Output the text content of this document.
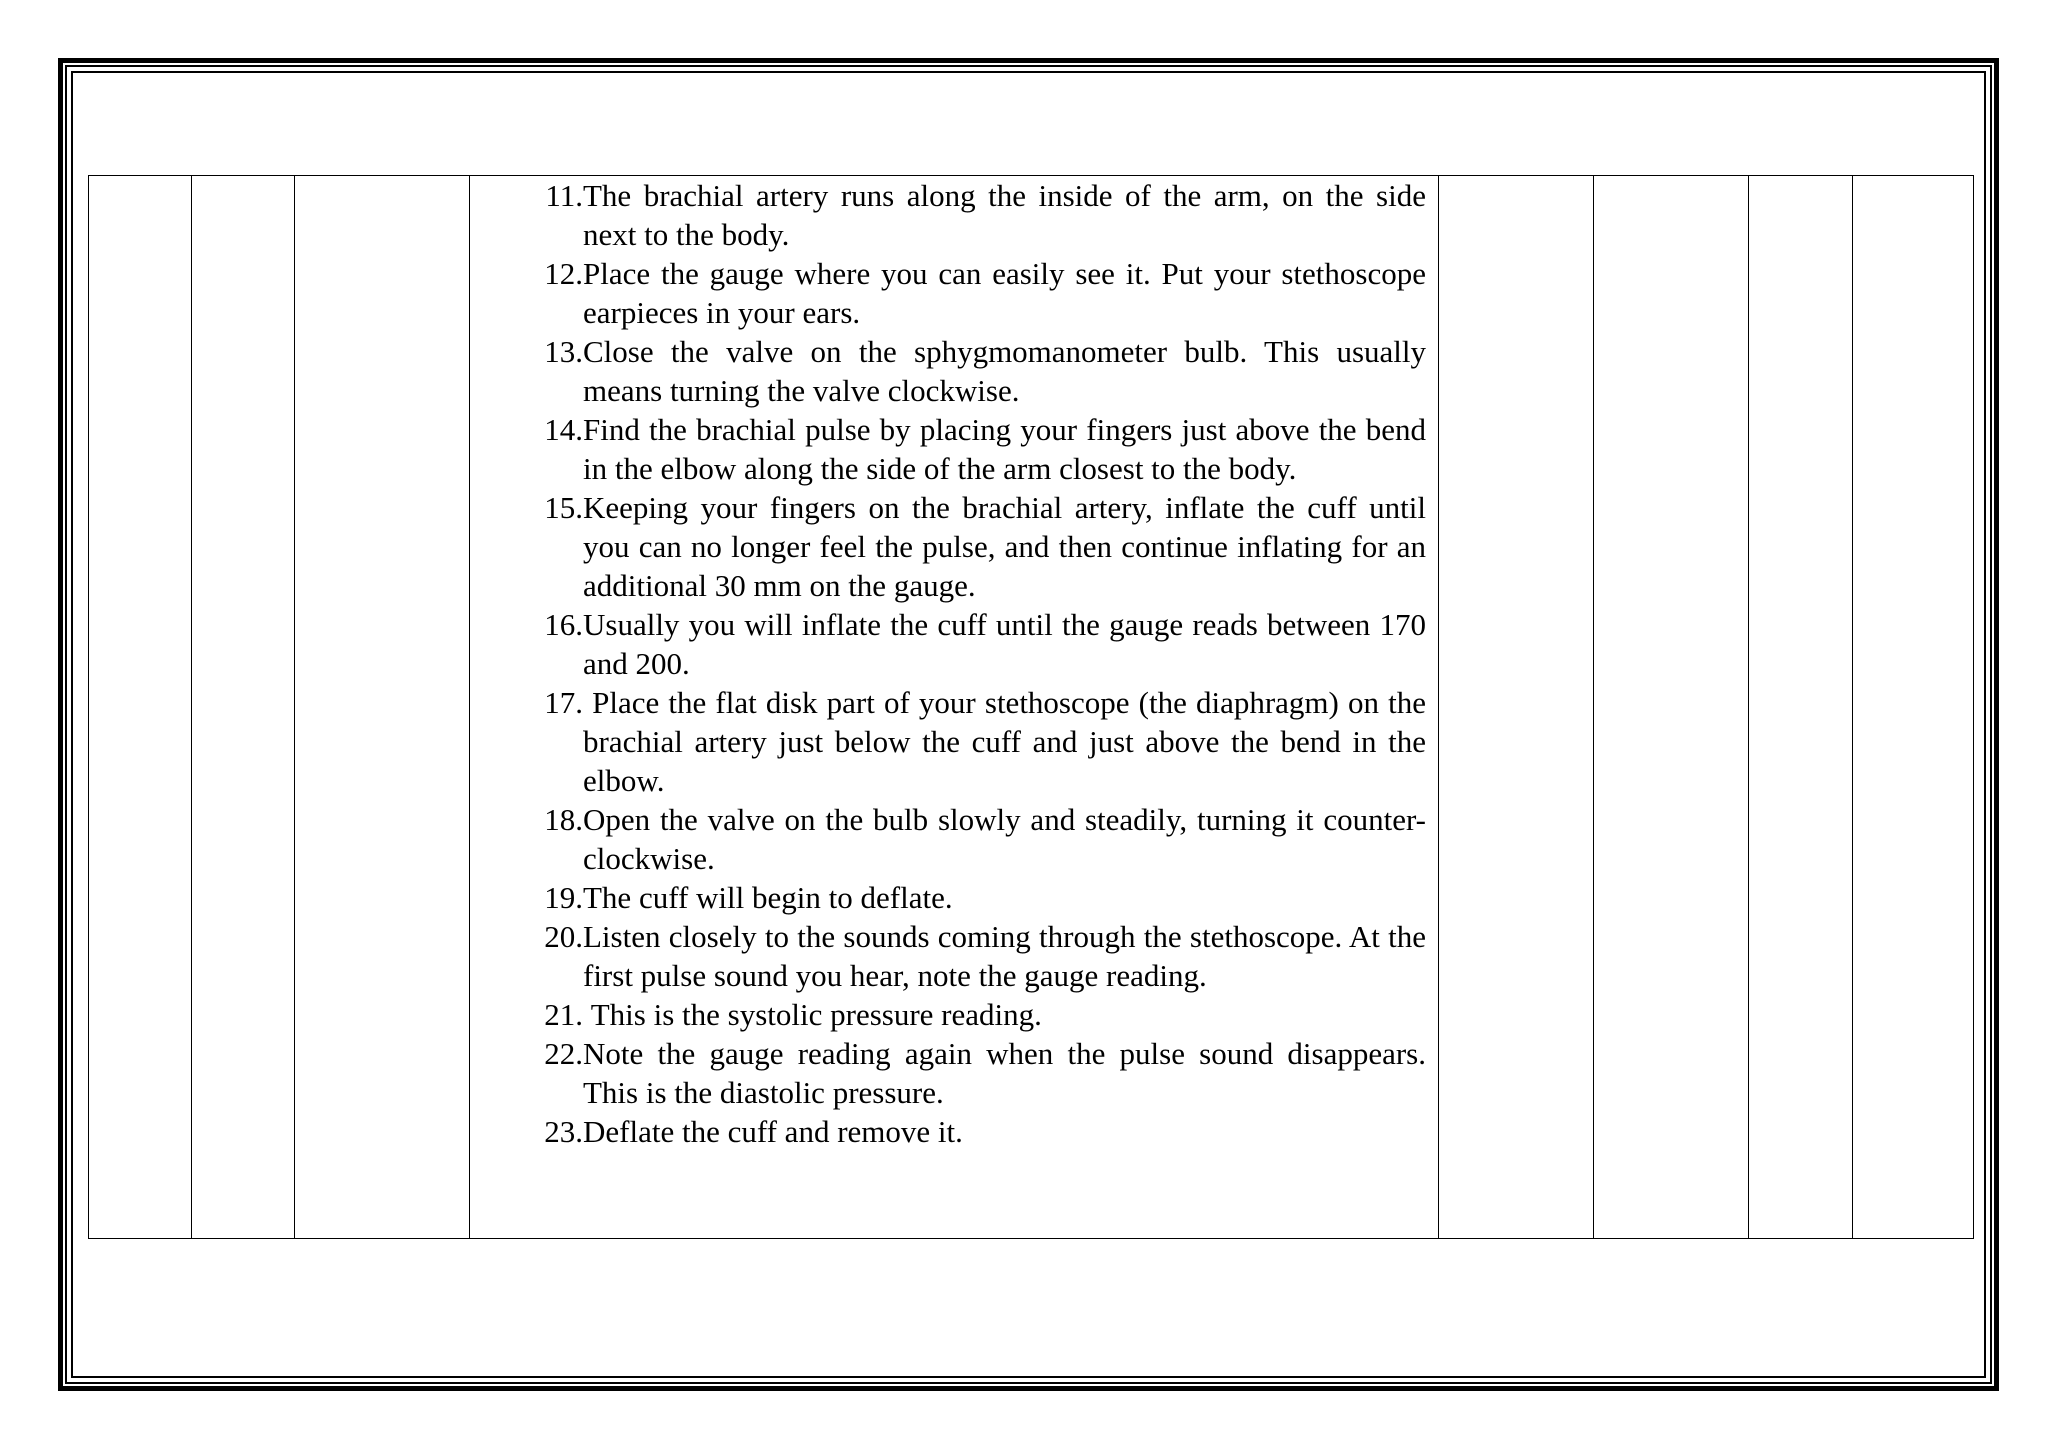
11. The brachial artery runs along the inside of the arm, on the side next to the body.
12. Place the gauge where you can easily see it. Put your stethoscope earpieces in your ears.
13. Close the valve on the sphygmomanometer bulb. This usually means turning the valve clockwise.
14. Find the brachial pulse by placing your fingers just above the bend in the elbow along the side of the arm closest to the body.
15. Keeping your fingers on the brachial artery, inflate the cuff until you can no longer feel the pulse, and then continue inflating for an additional 30 mm on the gauge.
16. Usually you will inflate the cuff until the gauge reads between 170 and 200.
17. Place the flat disk part of your stethoscope (the diaphragm) on the brachial artery just below the cuff and just above the bend in the elbow.
18. Open the valve on the bulb slowly and steadily, turning it counter-clockwise.
19. The cuff will begin to deflate.
20. Listen closely to the sounds coming through the stethoscope. At the first pulse sound you hear, note the gauge reading.
21. This is the systolic pressure reading.
22. Note the gauge reading again when the pulse sound disappears. This is the diastolic pressure.
23. Deflate the cuff and remove it.
